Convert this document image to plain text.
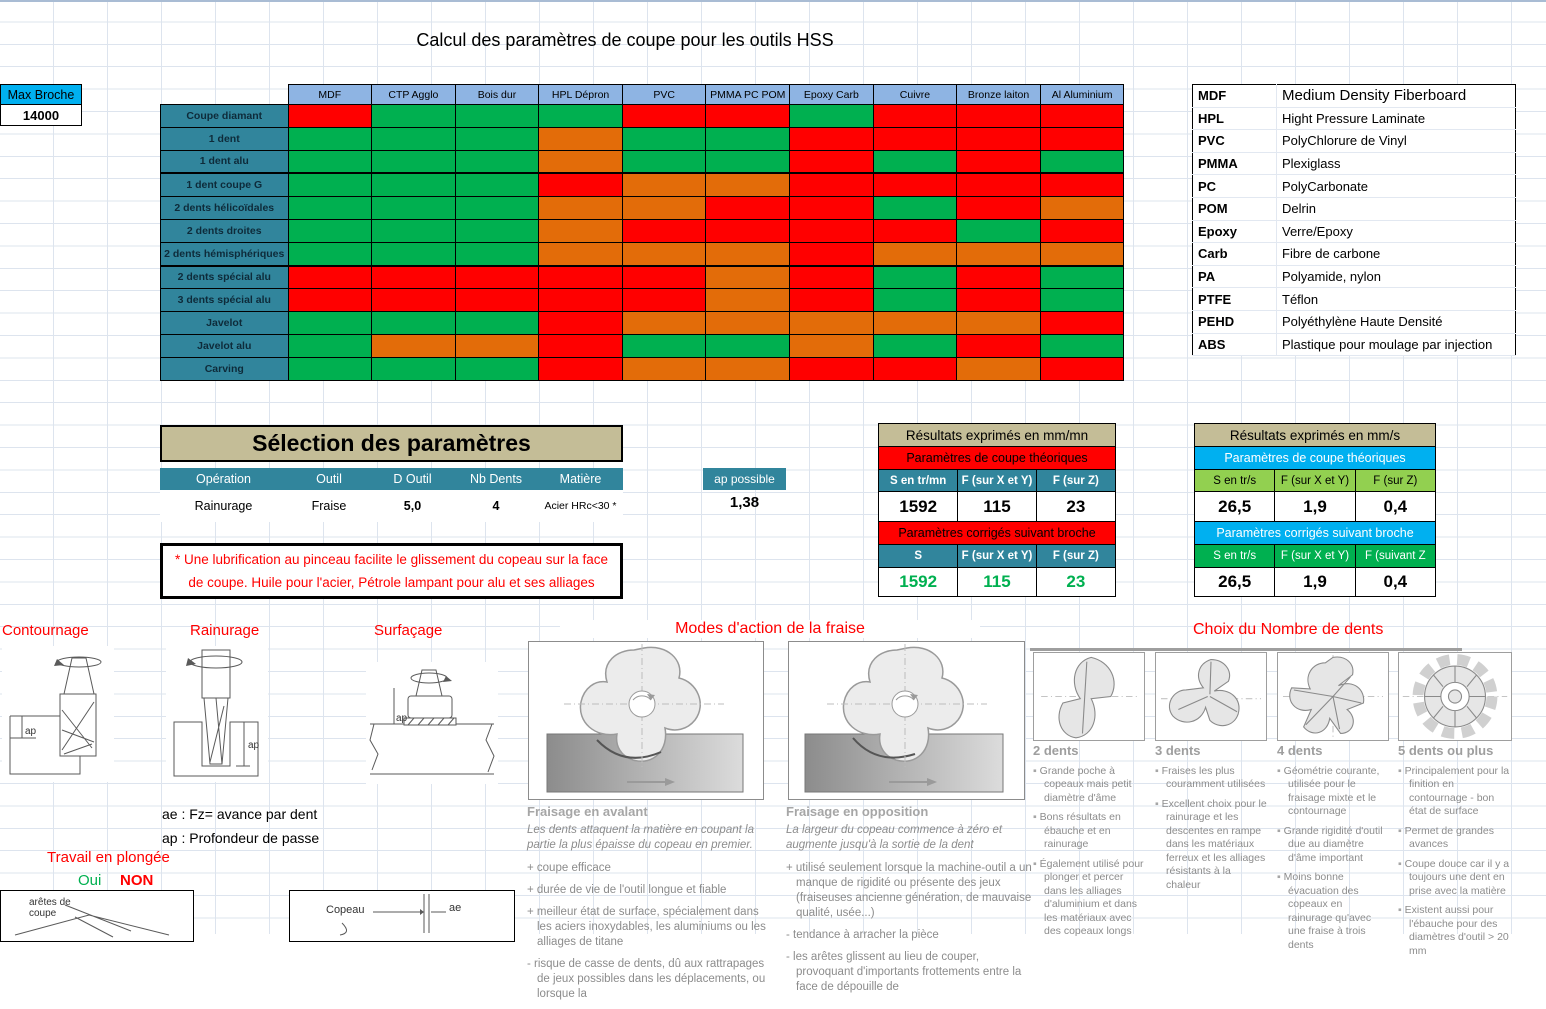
Calcul des paramètres de coupe pour les outils HSS
Max Broche
14000
	MDF	CTP Agglo	Bois dur	HPL Dépron	PVC	PMMA PC POM	Epoxy Carb	Cuivre	Bronze laiton	Al Aluminium
Coupe diamant										
1 dent										
1 dent alu										
1 dent coupe G										
2 dents hélicoïdales										
2 dents droites										
2 dents hémisphériques										
2 dents spécial alu										
3 dents spécial alu										
Javelot										
Javelot alu										
Carving										
MDF	Medium Density Fiberboard
HPL	Hight Pressure Laminate
PVC	PolyChlorure de Vinyl
PMMA	Plexiglass
PC	PolyCarbonate
POM	Delrin
Epoxy	Verre/Epoxy
Carb	Fibre de carbone
PA	Polyamide, nylon
PTFE	Téflon
PEHD	Polyéthylène Haute Densité
ABS	Plastique pour moulage par injection
Sélection des paramètres
Opération	Outil	D Outil	Nb Dents	Matière
Rainurage	Fraise	5,0	4	Acier HRc<30 *
ap possible
1,38
* Une lubrification au pinceau facilite le glissement du copeau sur la face
de coupe. Huile pour l'acier, Pétrole lampant pour alu et ses alliages
Résultats exprimés en mm/mn
Paramètres de coupe théoriques
S en tr/mn	F (sur X et Y)	F (sur Z)
1592	115	23
Paramètres corrigés suivant broche
S	F (sur X et Y)	F (sur Z)
1592	115	23
Résultats exprimés en mm/s
Paramètres de coupe théoriques
S en tr/s	F (sur X et Y)	F (sur Z)
26,5	1,9	0,4
Paramètres corrigés suivant broche
S en tr/s	F (sur X et Y)	F (suivant Z
26,5	1,9	0,4
Contournage	Rainurage	Surfaçage
ap
ap
ap
ae : Fz= avance par dent
ap : Profondeur de passe
Travail en plongée
Oui NON
arêtes de
coupe	Copeau	ae
Modes d'action de la fraise
Fraisage en avalant
Les dents attaquent la matière en coupant la partie la plus épaisse du copeau en premier.
+ coupe efficace
+ durée de vie de l'outil longue et fiable
+ meilleur état de surface, spécialement dans les aciers inoxydables, les aluminiums ou les alliages de titane
- risque de casse de dents, dû aux rattrapages de jeux possibles dans les déplacements, ou lorsque la
Fraisage en opposition
La largeur du copeau commence à zéro et augmente jusqu'à la sortie de la dent
+ utilisé seulement lorsque la machine-outil a un manque de rigidité ou présente des jeux (fraiseuses ancienne génération, de mauvaise qualité, usée...)
- tendance à arracher la pièce
- les arêtes glissent au lieu de couper, provoquant d'importants frottements entre la face de dépouille de
Choix du Nombre de dents
2 dents
▪ Grande poche à copeaux mais petit diamètre d'âme
▪ Bons résultats en ébauche et en rainurage
▪ Également utilisé pour plonger et percer dans les alliages d'aluminium et dans les matériaux avec des copeaux longs
3 dents
▪ Fraises les plus couramment utilisées
▪ Excellent choix pour le rainurage et les descentes en rampe dans les matériaux ferreux et les alliages résistants à la chaleur
4 dents
▪ Géométrie courante, utilisée pour le fraisage mixte et le contournage
▪ Grande rigidité d'outil due au diamètre d'âme important
▪ Moins bonne évacuation des copeaux en rainurage qu'avec une fraise à trois dents
5 dents ou plus
▪ Principalement pour la finition en contournage - bon état de surface
▪ Permet de grandes avances
▪ Coupe douce car il y a toujours une dent en prise avec la matière
▪ Existent aussi pour l'ébauche pour des diamètres d'outil > 20 mm
